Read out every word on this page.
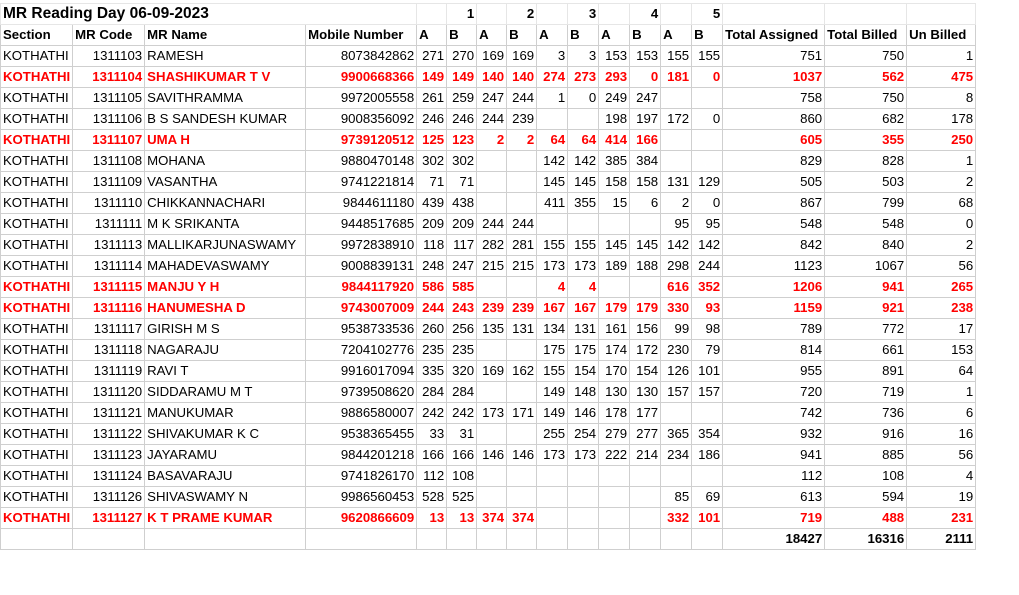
MR Reading Day 06-09-2023					1		2		3		4		5			
Section	MR Code	MR Name	Mobile Number	A	B	A	B	A	B	A	B	A	B	Total Assigned	Total Billed	Un Billed
KOTHATHI	1311103	RAMESH	8073842862	271	270	169	169	3	3	153	153	155	155	751	750	1
KOTHATHI	1311104	SHASHIKUMAR T V	9900668366	149	149	140	140	274	273	293	0	181	0	1037	562	475
KOTHATHI	1311105	SAVITHRAMMA	9972005558	261	259	247	244	1	0	249	247			758	750	8
KOTHATHI	1311106	B S SANDESH KUMAR	9008356092	246	246	244	239			198	197	172	0	860	682	178
KOTHATHI	1311107	UMA H	9739120512	125	123	2	2	64	64	414	166			605	355	250
KOTHATHI	1311108	MOHANA	9880470148	302	302			142	142	385	384			829	828	1
KOTHATHI	1311109	VASANTHA	9741221814	71	71			145	145	158	158	131	129	505	503	2
KOTHATHI	1311110	CHIKKANNACHARI	9844611180	439	438			411	355	15	6	2	0	867	799	68
KOTHATHI	1311111	M K SRIKANTA	9448517685	209	209	244	244					95	95	548	548	0
KOTHATHI	1311113	MALLIKARJUNASWAMY	9972838910	118	117	282	281	155	155	145	145	142	142	842	840	2
KOTHATHI	1311114	MAHADEVASWAMY	9008839131	248	247	215	215	173	173	189	188	298	244	1123	1067	56
KOTHATHI	1311115	MANJU Y H	9844117920	586	585			4	4			616	352	1206	941	265
KOTHATHI	1311116	HANUMESHA D	9743007009	244	243	239	239	167	167	179	179	330	93	1159	921	238
KOTHATHI	1311117	GIRISH M S	9538733536	260	256	135	131	134	131	161	156	99	98	789	772	17
KOTHATHI	1311118	NAGARAJU	7204102776	235	235			175	175	174	172	230	79	814	661	153
KOTHATHI	1311119	RAVI T	9916017094	335	320	169	162	155	154	170	154	126	101	955	891	64
KOTHATHI	1311120	SIDDARAMU M T	9739508620	284	284			149	148	130	130	157	157	720	719	1
KOTHATHI	1311121	MANUKUMAR	9886580007	242	242	173	171	149	146	178	177			742	736	6
KOTHATHI	1311122	SHIVAKUMAR K C	9538365455	33	31			255	254	279	277	365	354	932	916	16
KOTHATHI	1311123	JAYARAMU	9844201218	166	166	146	146	173	173	222	214	234	186	941	885	56
KOTHATHI	1311124	BASAVARAJU	9741826170	112	108									112	108	4
KOTHATHI	1311126	SHIVASWAMY N	9986560453	528	525							85	69	613	594	19
KOTHATHI	1311127	K T PRAME KUMAR	9620866609	13	13	374	374					332	101	719	488	231
														18427	16316	2111
